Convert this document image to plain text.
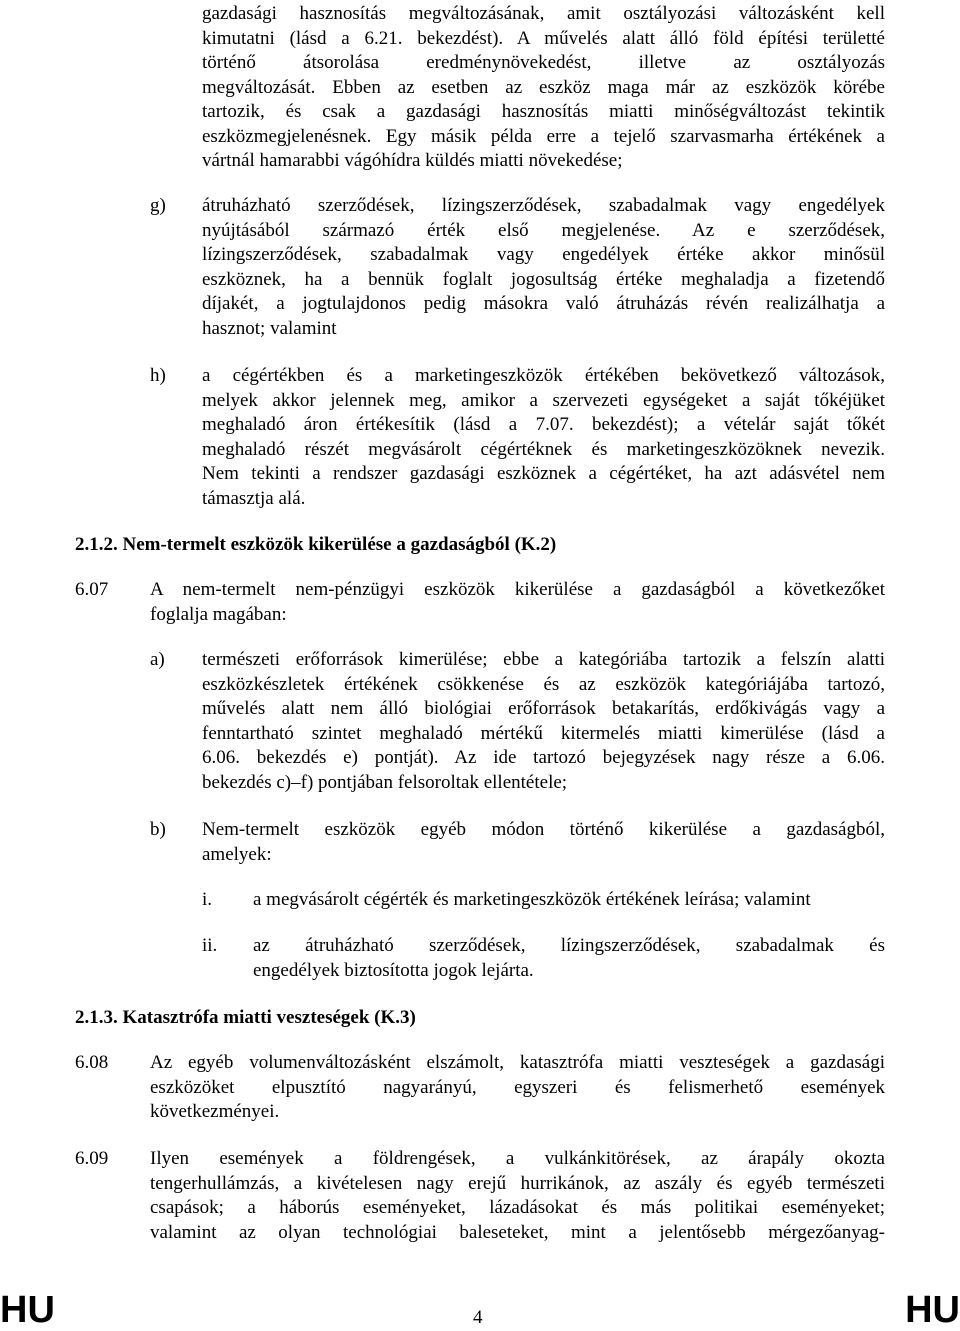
gazdasági hasznosítás megváltozásának, amit osztályozási változásként kell
kimutatni (lásd a 6.21. bekezdést). A művelés alatt álló föld építési területté
történő átsorolása eredménynövekedést, illetve az osztályozás
megváltozását. Ebben az esetben az eszköz maga már az eszközök körébe
tartozik, és csak a gazdasági hasznosítás miatti minőségváltozást tekintik
eszközmegjelenésnek. Egy másik példa erre a tejelő szarvasmarha értékének a
vártnál hamarabbi vágóhídra küldés miatti növekedése;
g) átruházható szerződések, lízingszerződések, szabadalmak vagy engedélyek
nyújtásából származó érték első megjelenése. Az e szerződések,
lízingszerződések, szabadalmak vagy engedélyek értéke akkor minősül
eszköznek, ha a bennük foglalt jogosultság értéke meghaladja a fizetendő
díjakét, a jogtulajdonos pedig másokra való átruházás révén realizálhatja a
hasznot; valamint
h) a cégértékben és a marketingeszközök értékében bekövetkező változások,
melyek akkor jelennek meg, amikor a szervezeti egységeket a saját tőkéjüket
meghaladó áron értékesítik (lásd a 7.07. bekezdést); a vételár saját tőkét
meghaladó részét megvásárolt cégértéknek és marketingeszközöknek nevezik.
Nem tekinti a rendszer gazdasági eszköznek a cégértéket, ha azt adásvétel nem
támasztja alá.
2.1.2. Nem-termelt eszközök kikerülése a gazdaságból (K.2)
6.07 A nem-termelt nem-pénzügyi eszközök kikerülése a gazdaságból a következőket
foglalja magában:
a) természeti erőforrások kimerülése; ebbe a kategóriába tartozik a felszín alatti
eszközkészletek értékének csökkenése és az eszközök kategóriájába tartozó,
művelés alatt nem álló biológiai erőforrások betakarítás, erdőkivágás vagy a
fenntartható szintet meghaladó mértékű kitermelés miatti kimerülése (lásd a
6.06. bekezdés e) pontját). Az ide tartozó bejegyzések nagy része a 6.06.
bekezdés c)–f) pontjában felsoroltak ellentétele;
b) Nem-termelt eszközök egyéb módon történő kikerülése a gazdaságból,
amelyek:
i. a megvásárolt cégérték és marketingeszközök értékének leírása; valamint
ii. az átruházható szerződések, lízingszerződések, szabadalmak és
engedélyek biztosította jogok lejárta.
2.1.3. Katasztrófa miatti veszteségek (K.3)
6.08 Az egyéb volumenváltozásként elszámolt, katasztrófa miatti veszteségek a gazdasági
eszközöket elpusztító nagyarányú, egyszeri és felismerhető események
következményei.
6.09 Ilyen események a földrengések, a vulkánkitörések, az árapály okozta
tengerhullámzás, a kivételesen nagy erejű hurrikánok, az aszály és egyéb természeti
csapások; a háborús eseményeket, lázadásokat és más politikai eseményeket;
valamint az olyan technológiai baleseteket, mint a jelentősebb mérgezőanyag-
HU	4	HU
